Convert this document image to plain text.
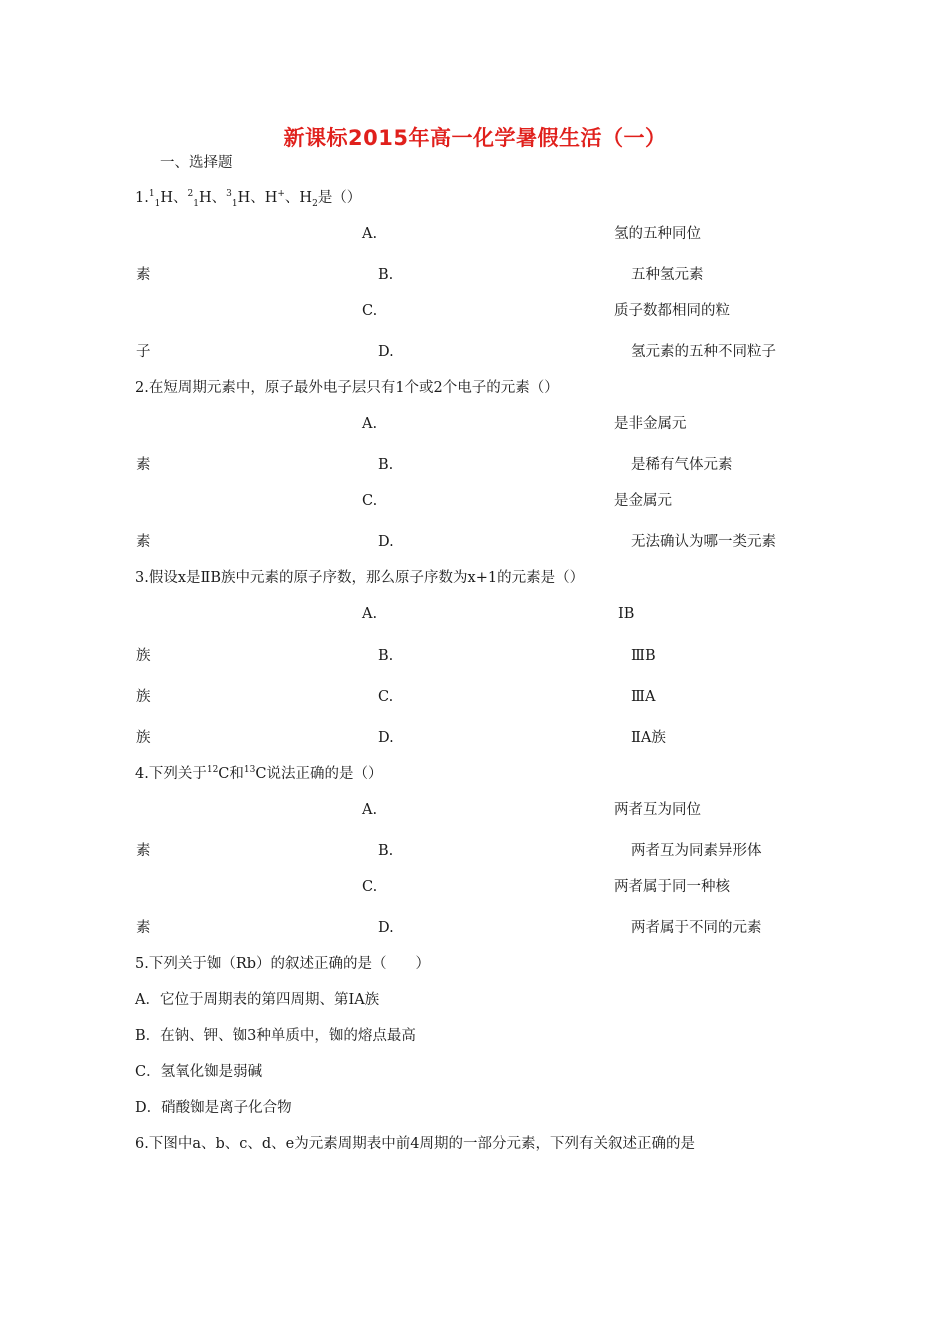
新课标2015年高一化学暑假生活（一）
一、选择题
1.$^1_1$H、$^2_1$H、$^3_1$H、H+、$H_2$是（）
A.	氢的五种同位
素	B.	五种氢元素
C.	质子数都相同的粒
子	D.	氢元素的五种不同粒子
2.在短周期元素中，原子最外电子层只有1个或2个电子的元素（）
A.	是非金属元
素	B.	是稀有气体元素
C.	是金属元
素	D.	无法确认为哪一类元素
3.假设x是ⅡB族中元素的原子序数，那么原子序数为x+1的元素是（）
A.	ⅠB
族	B.	ⅢB
族	C.	ⅢA
族	D.	ⅡA族
4.下列关于$^{12}$C和$^{13}$C说法正确的是（）
A.	两者互为同位
素	B.	两者互为同素异形体
C.	两者属于同一种核
素	D.	两者属于不同的元素
5.下列关于铷（Rb）的叙述正确的是（　　）
A．它位于周期表的第四周期、第ⅠA族
B．在钠、钾、铷3种单质中，铷的熔点最高
C．氢氧化铷是弱碱
D．硝酸铷是离子化合物
6.下图中a、b、c、d、e为元素周期表中前4周期的一部分元素，下列有关叙述正确的是
